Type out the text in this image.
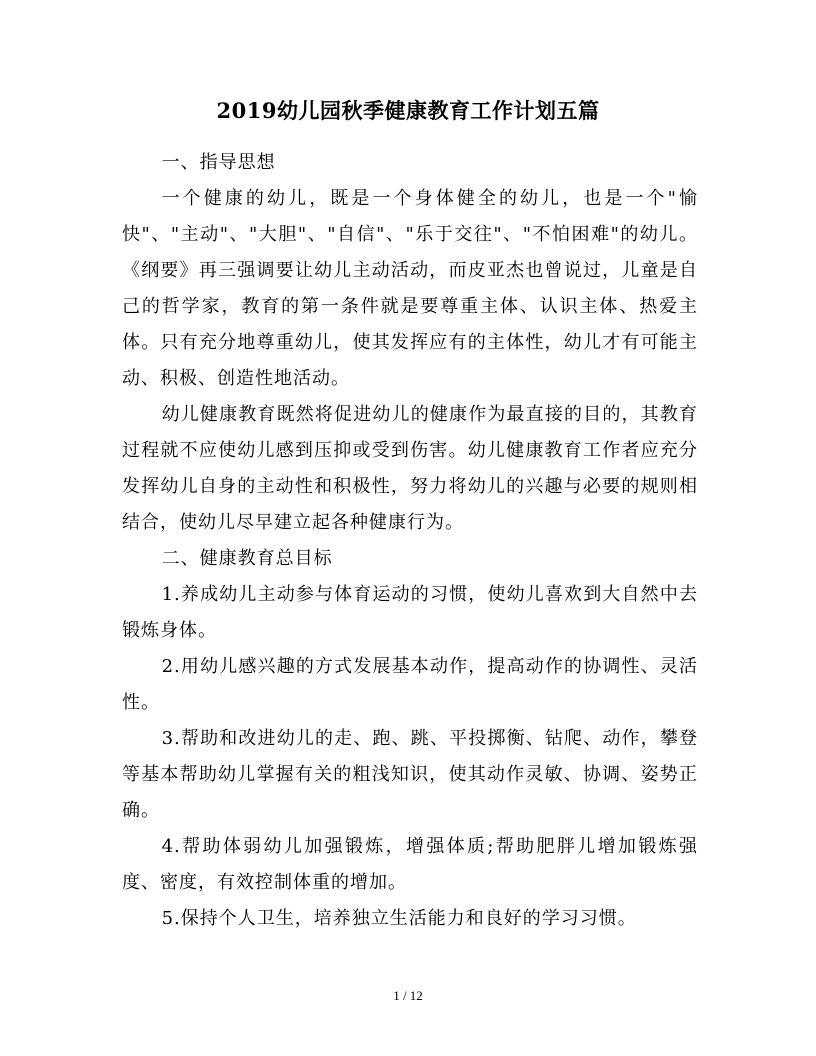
2019幼儿园秋季健康教育工作计划五篇

一、指导思想

一个健康的幼儿，既是一个身体健全的幼儿，也是一个"愉快"、"主动"、"大胆"、"自信"、"乐于交往"、"不怕困难"的幼儿。《纲要》再三强调要让幼儿主动活动，而皮亚杰也曾说过，儿童是自己的哲学家，教育的第一条件就是要尊重主体、认识主体、热爱主体。只有充分地尊重幼儿，使其发挥应有的主体性，幼儿才有可能主动、积极、创造性地活动。

幼儿健康教育既然将促进幼儿的健康作为最直接的目的，其教育过程就不应使幼儿感到压抑或受到伤害。幼儿健康教育工作者应充分发挥幼儿自身的主动性和积极性，努力将幼儿的兴趣与必要的规则相结合，使幼儿尽早建立起各种健康行为。

二、健康教育总目标

1.养成幼儿主动参与体育运动的习惯，使幼儿喜欢到大自然中去锻炼身体。

2.用幼儿感兴趣的方式发展基本动作，提高动作的协调性、灵活性。

3.帮助和改进幼儿的走、跑、跳、平投掷衡、钻爬、动作，攀登等基本帮助幼儿掌握有关的粗浅知识，使其动作灵敏、协调、姿势正确。

4.帮助体弱幼儿加强锻炼，增强体质;帮助肥胖儿增加锻炼强度、密度，有效控制体重的增加。

5.保持个人卫生，培养独立生活能力和良好的学习习惯。

1 / 12
